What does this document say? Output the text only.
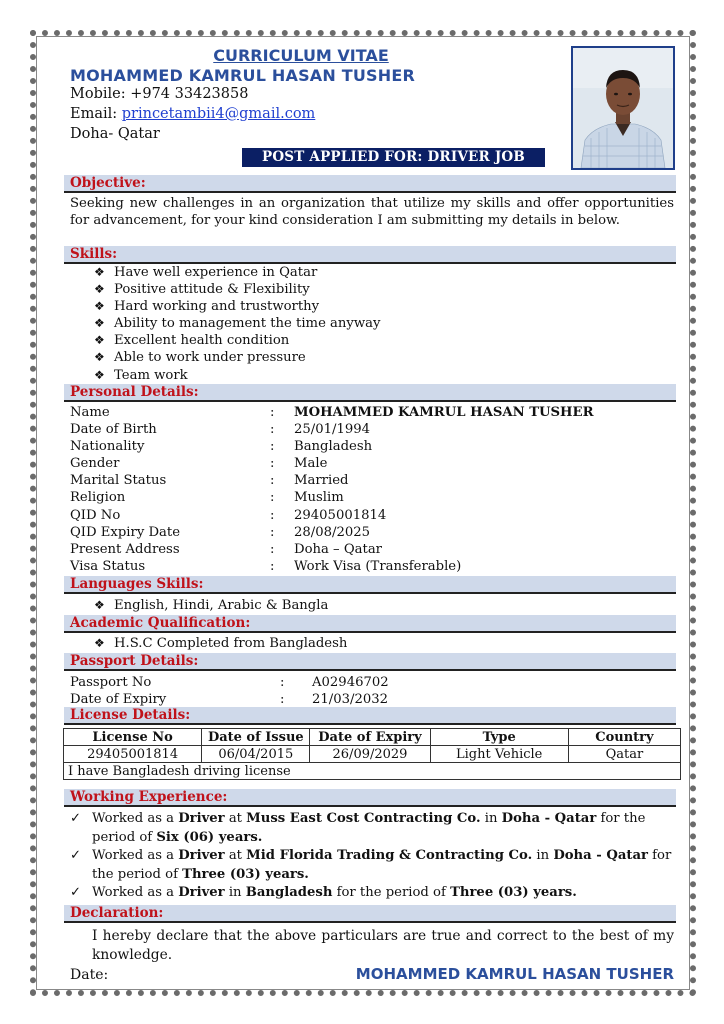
CURRICULUM VITAE
MOHAMMED KAMRUL HASAN TUSHER
Mobile: +974 33423858
Email: princetambii4@gmail.com
Doha- Qatar
POST APPLIED FOR: DRIVER JOB
Objective:
Seeking new challenges in an organization that utilize my skills and offer opportunities for advancement, for your kind consideration I am submitting my details in below.
Skills:
❖ Have well experience in Qatar
❖ Positive attitude & Flexibility
❖ Hard working and trustworthy
❖ Ability to management the time anyway
❖ Excellent health condition
❖ Able to work under pressure
❖ Team work
Personal Details:
Name	:	MOHAMMED KAMRUL HASAN TUSHER
Date of Birth	:	25/01/1994
Nationality	:	Bangladesh
Gender	:	Male
Marital Status	:	Married
Religion	:	Muslim
QID No	:	29405001814
QID Expiry Date	:	28/08/2025
Present Address	:	Doha – Qatar
Visa Status	:	Work Visa (Transferable)
Languages Skills:
❖ English, Hindi, Arabic & Bangla
Academic Qualification:
❖ H.S.C Completed from Bangladesh
Passport Details:
Passport No	:	A02946702
Date of Expiry	:	21/03/2032
License Details:
License No	Date of Issue	Date of Expiry	Type	Country
29405001814	06/04/2015	26/09/2029	Light Vehicle	Qatar
I have Bangladesh driving license				
Working Experience:
✓ Worked as a Driver at Muss East Cost Contracting Co. in Doha - Qatar for the period of Six (06) years.
✓ Worked as a Driver at Mid Florida Trading & Contracting Co. in Doha - Qatar for the period of Three (03) years.
✓ Worked as a Driver in Bangladesh for the period of Three (03) years.
Declaration:
I hereby declare that the above particulars are true and correct to the best of my knowledge.
Date:	MOHAMMED KAMRUL HASAN TUSHER
